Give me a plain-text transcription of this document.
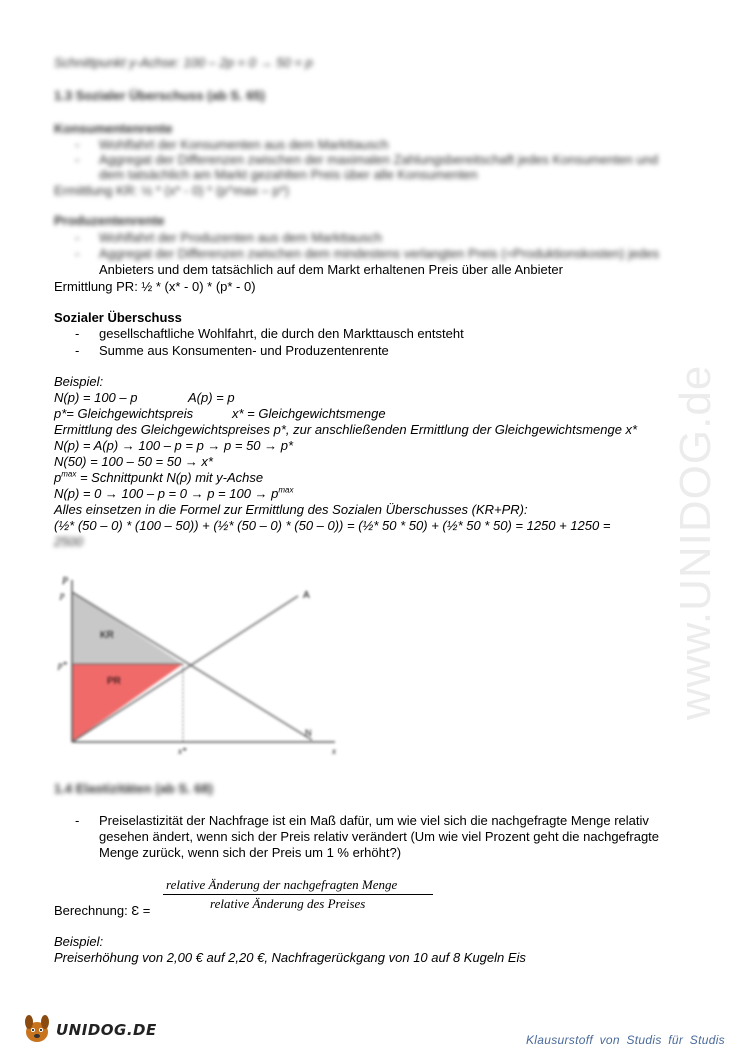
Schnittpunkt y-Achse: 100 – 2p = 0 → 50 = p
1.3 Sozialer Überschuss (ab S. 65)
Konsumentenrente
- Wohlfahrt der Konsumenten aus dem Markttausch
- Aggregat der Differenzen zwischen der maximalen Zahlungsbereitschaft jedes Konsumenten und
dem tatsächlich am Markt gezahlten Preis über alle Konsumenten
Ermittlung KR: ½ * (x* - 0) * (p^max – p*)
Produzentenrente
- Wohlfahrt der Produzenten aus dem Markttausch
- Aggregat der Differenzen zwischen dem mindestens verlangten Preis (=Produktionskosten) jedes
Anbieters und dem tatsächlich auf dem Markt erhaltenen Preis über alle Anbieter
Ermittlung PR: ½ * (x* - 0) * (p* - 0)
Sozialer Überschuss
- gesellschaftliche Wohlfahrt, die durch den Markttausch entsteht
- Summe aus Konsumenten- und Produzentenrente
Beispiel:
N(p) = 100 – p	A(p) = p
p*= Gleichgewichtspreis	x* = Gleichgewichtsmenge
Ermittlung des Gleichgewichtspreises p*, zur anschließenden Ermittlung der Gleichgewichtsmenge x*
N(p) = A(p) → 100 – p = p → p = 50 → p*
N(50) = 100 – 50 = 50 → x*
$p^{max}$ = Schnittpunkt N(p) mit y-Achse
$N(p) = 0 \to 100 - p = 0 \to p = 100 \to p^{max}$
Alles einsetzen in die Formel zur Ermittlung des Sozialen Überschusses (KR+PR):
(½* (50 – 0) * (100 – 50)) + (½* (50 – 0) * (50 – 0)) = (½* 50 * 50) + (½* 50 * 50) = 1250 + 1250 =
2500
P
p
p*
x*	x
A
N
KR
PR
1.4 Elastizitäten (ab S. 68)
- Preiselastizität der Nachfrage ist ein Maß dafür, um wie viel sich die nachgefragte Menge relativ
gesehen ändert, wenn sich der Preis relativ verändert (Um wie viel Prozent geht die nachgefragte
Menge zurück, wenn sich der Preis um 1 % erhöht?)
relative Änderung der nachgefragten Menge
relative Änderung des Preises
Berechnung: Ɛ =
Beispiel:
Preiserhöhung von 2,00 € auf 2,20 €, Nachfragerückgang von 10 auf 8 Kugeln Eis
www.UNIDOG.de
UNIDOG.DE
Klausurstoff von Studis für Studis
